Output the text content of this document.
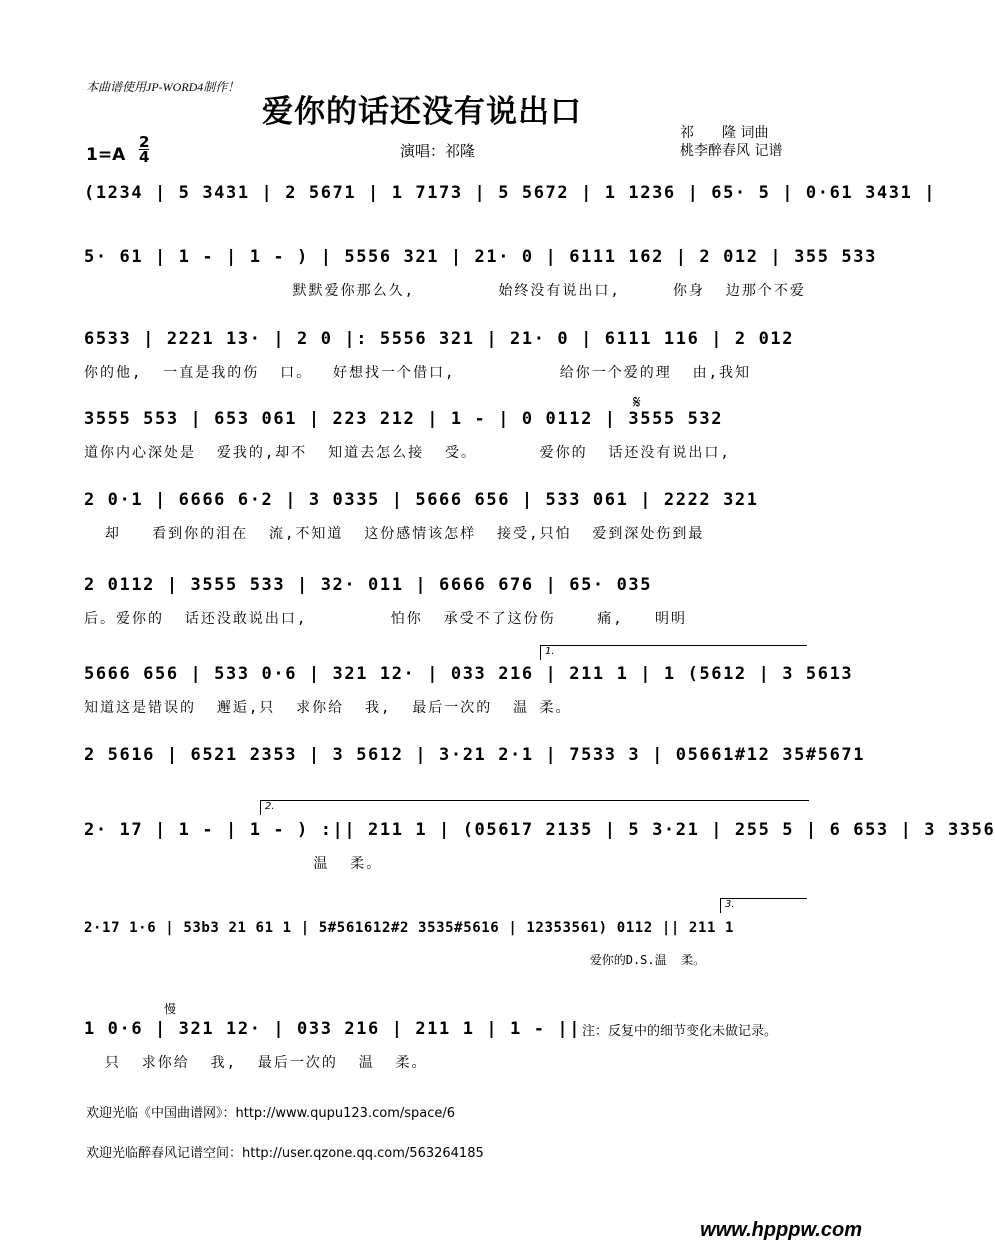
本曲谱使用JP-WORD4制作！
爱你的话还没有说出口
祁　　隆 词曲
桃李醉春风 记谱
演唱：祁隆
1=A
2
4
(1234 | 5 3431 | 2 5671 | 1 7173 | 5 5672 | 1 1236 | 65· 5 | 0·61 3431 |
5· 61 | 1 - | 1 - ) | 5556 321 | 21· 0 | 6111 162 | 2 012 | 355 533
默默爱你那么久,        始终没有说出口,     你身  边那个不爱
6533 | 2221 13· | 2 0 |: 5556 321 | 21· 0 | 6111 116 | 2 012
你的他,  一直是我的伤  口。  好想找一个借口,          给你一个爱的理  由,我知
𝄋
3555 553 | 653 061 | 223 212 | 1 - | 0 0112 | 3555 532
道你内心深处是  爱我的,却不  知道去怎么接  受。      爱你的  话还没有说出口,
2 0·1 | 6666 6·2 | 3 0335 | 5666 656 | 533 061 | 2222 321
却   看到你的泪在  流,不知道  这份感情该怎样  接受,只怕  爱到深处伤到最
2 0112 | 3555 533 | 32· 011 | 6666 676 | 65· 035
后。爱你的  话还没敢说出口,        怕你  承受不了这份伤    痛,   明明
1.
5666 656 | 533 0·6 | 321 12· | 033 216 | 211 1 | 1 (5612 | 3 5613
知道这是错误的  邂逅,只  求你给  我,  最后一次的  温 柔。
2 5616 | 6521 2353 | 3 5612 | 3·21 2·1 | 7533 3 | 05661#12 35#5671
2.
2· 17 | 1 - | 1 - ) :|| 211 1 | (05617 2135 | 5 3·21 | 255 5 | 6 653 | 3 3356
温  柔。
3.
2·17 1·6 | 53b3 21 61 1 | 5#561612#2 3535#5616 | 12353561) 0112 || 211 1
爱你的D.S.温  柔。
慢
1 0·6 | 321 12· | 033 216 | 211 1 | 1 - ||
只  求你给  我,  最后一次的  温  柔。
注：反复中的细节变化未做记录。
欢迎光临《中国曲谱网》：http://www.qupu123.com/space/6
欢迎光临醉春风记谱空间：http://user.qzone.qq.com/563264185
www.hpppw.com
